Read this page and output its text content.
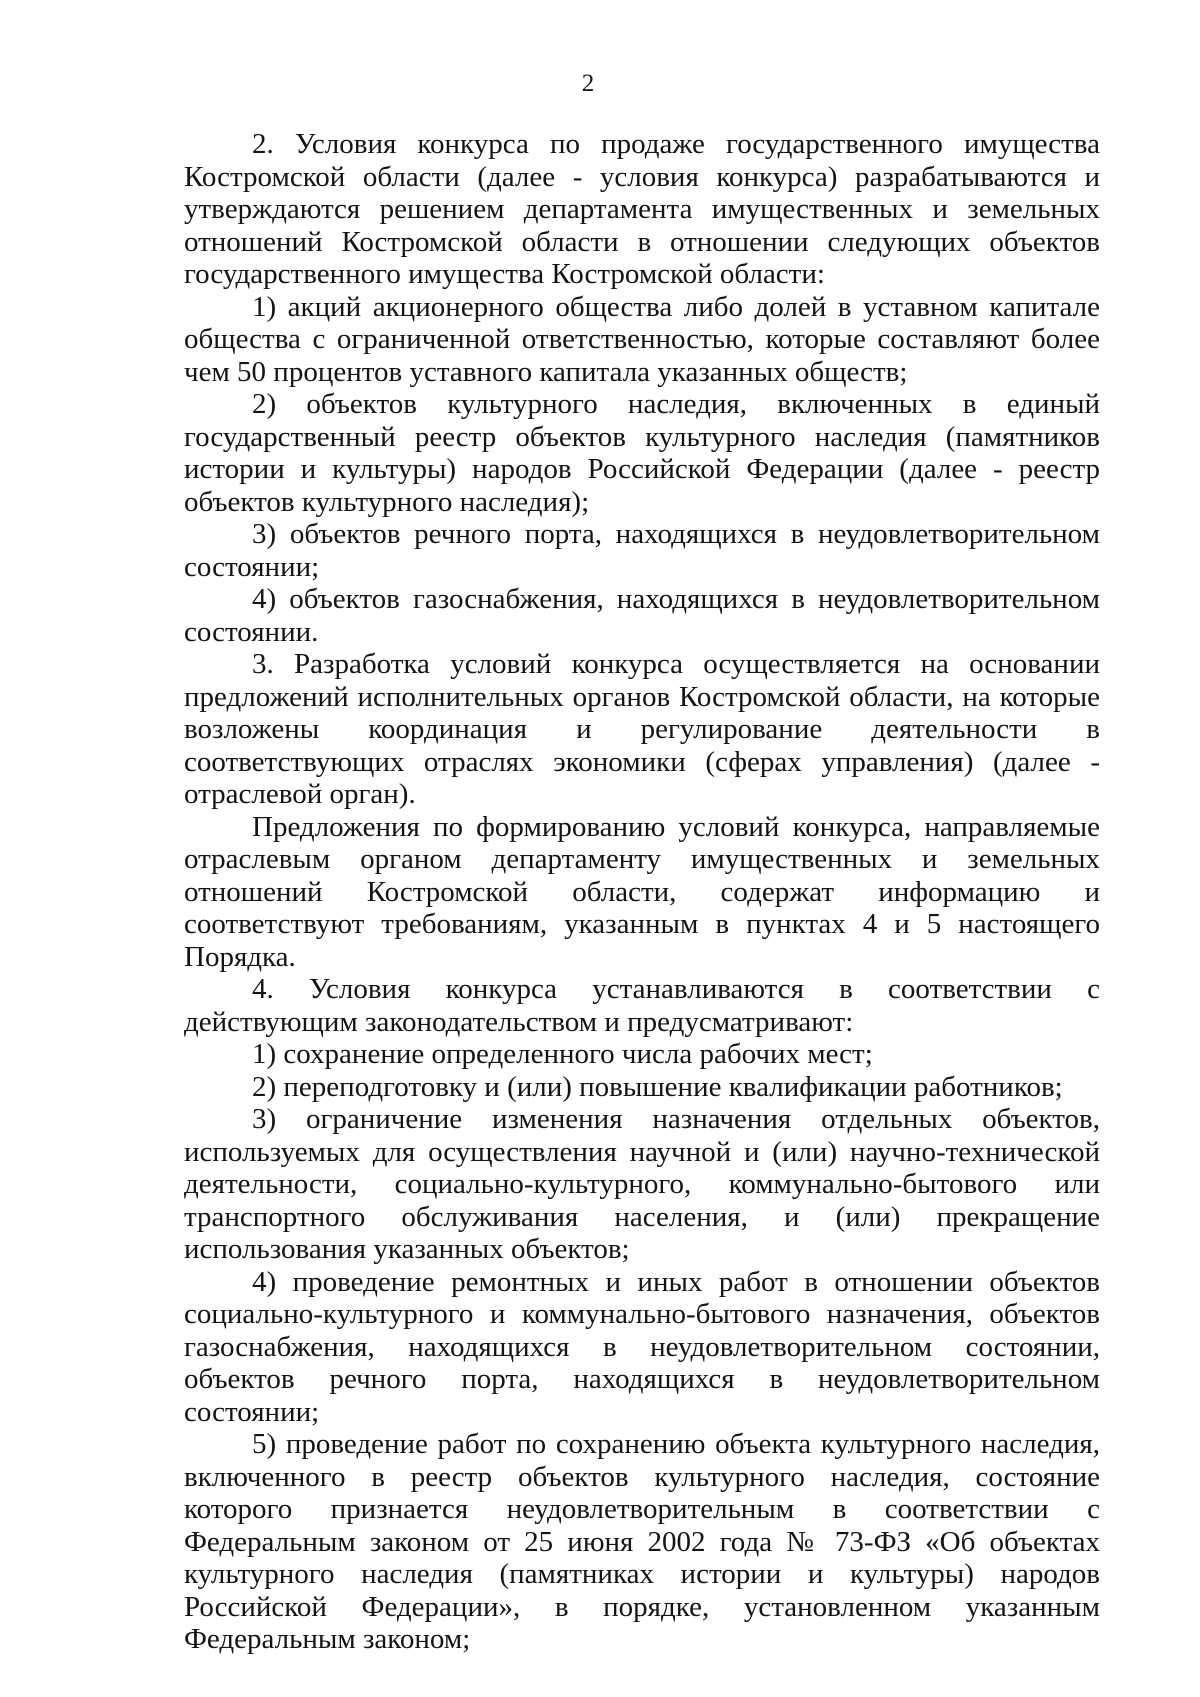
2

2. Условия конкурса по продаже государственного имущества Костромской области (далее - условия конкурса) разрабатываются и утверждаются решением департамента имущественных и земельных отношений Костромской области в отношении следующих объектов государственного имущества Костромской области:

1) акций акционерного общества либо долей в уставном капитале общества с ограниченной ответственностью, которые составляют более чем 50 процентов уставного капитала указанных обществ;

2) объектов культурного наследия, включенных в единый государственный реестр объектов культурного наследия (памятников истории и культуры) народов Российской Федерации (далее - реестр объектов культурного наследия);

3) объектов речного порта, находящихся в неудовлетворительном состоянии;

4) объектов газоснабжения, находящихся в неудовлетворительном состоянии.

3. Разработка условий конкурса осуществляется на основании предложений исполнительных органов Костромской области, на которые возложены координация и регулирование деятельности в соответствующих отраслях экономики (сферах управления) (далее - отраслевой орган).

Предложения по формированию условий конкурса, направляемые отраслевым органом департаменту имущественных и земельных отношений Костромской области, содержат информацию и соответствуют требованиям, указанным в пунктах 4 и 5 настоящего Порядка.

4. Условия конкурса устанавливаются в соответствии с действующим законодательством и предусматривают:

1) сохранение определенного числа рабочих мест;

2) переподготовку и (или) повышение квалификации работников;

3) ограничение изменения назначения отдельных объектов, используемых для осуществления научной и (или) научно-технической деятельности, социально-культурного, коммунально-бытового или транспортного обслуживания населения, и (или) прекращение использования указанных объектов;

4) проведение ремонтных и иных работ в отношении объектов социально-культурного и коммунально-бытового назначения, объектов газоснабжения, находящихся в неудовлетворительном состоянии, объектов речного порта, находящихся в неудовлетворительном состоянии;

5) проведение работ по сохранению объекта культурного наследия, включенного в реестр объектов культурного наследия, состояние которого признается неудовлетворительным в соответствии с Федеральным законом от 25 июня 2002 года № 73-ФЗ «Об объектах культурного наследия (памятниках истории и культуры) народов Российской Федерации», в порядке, установленном указанным Федеральным законом;
